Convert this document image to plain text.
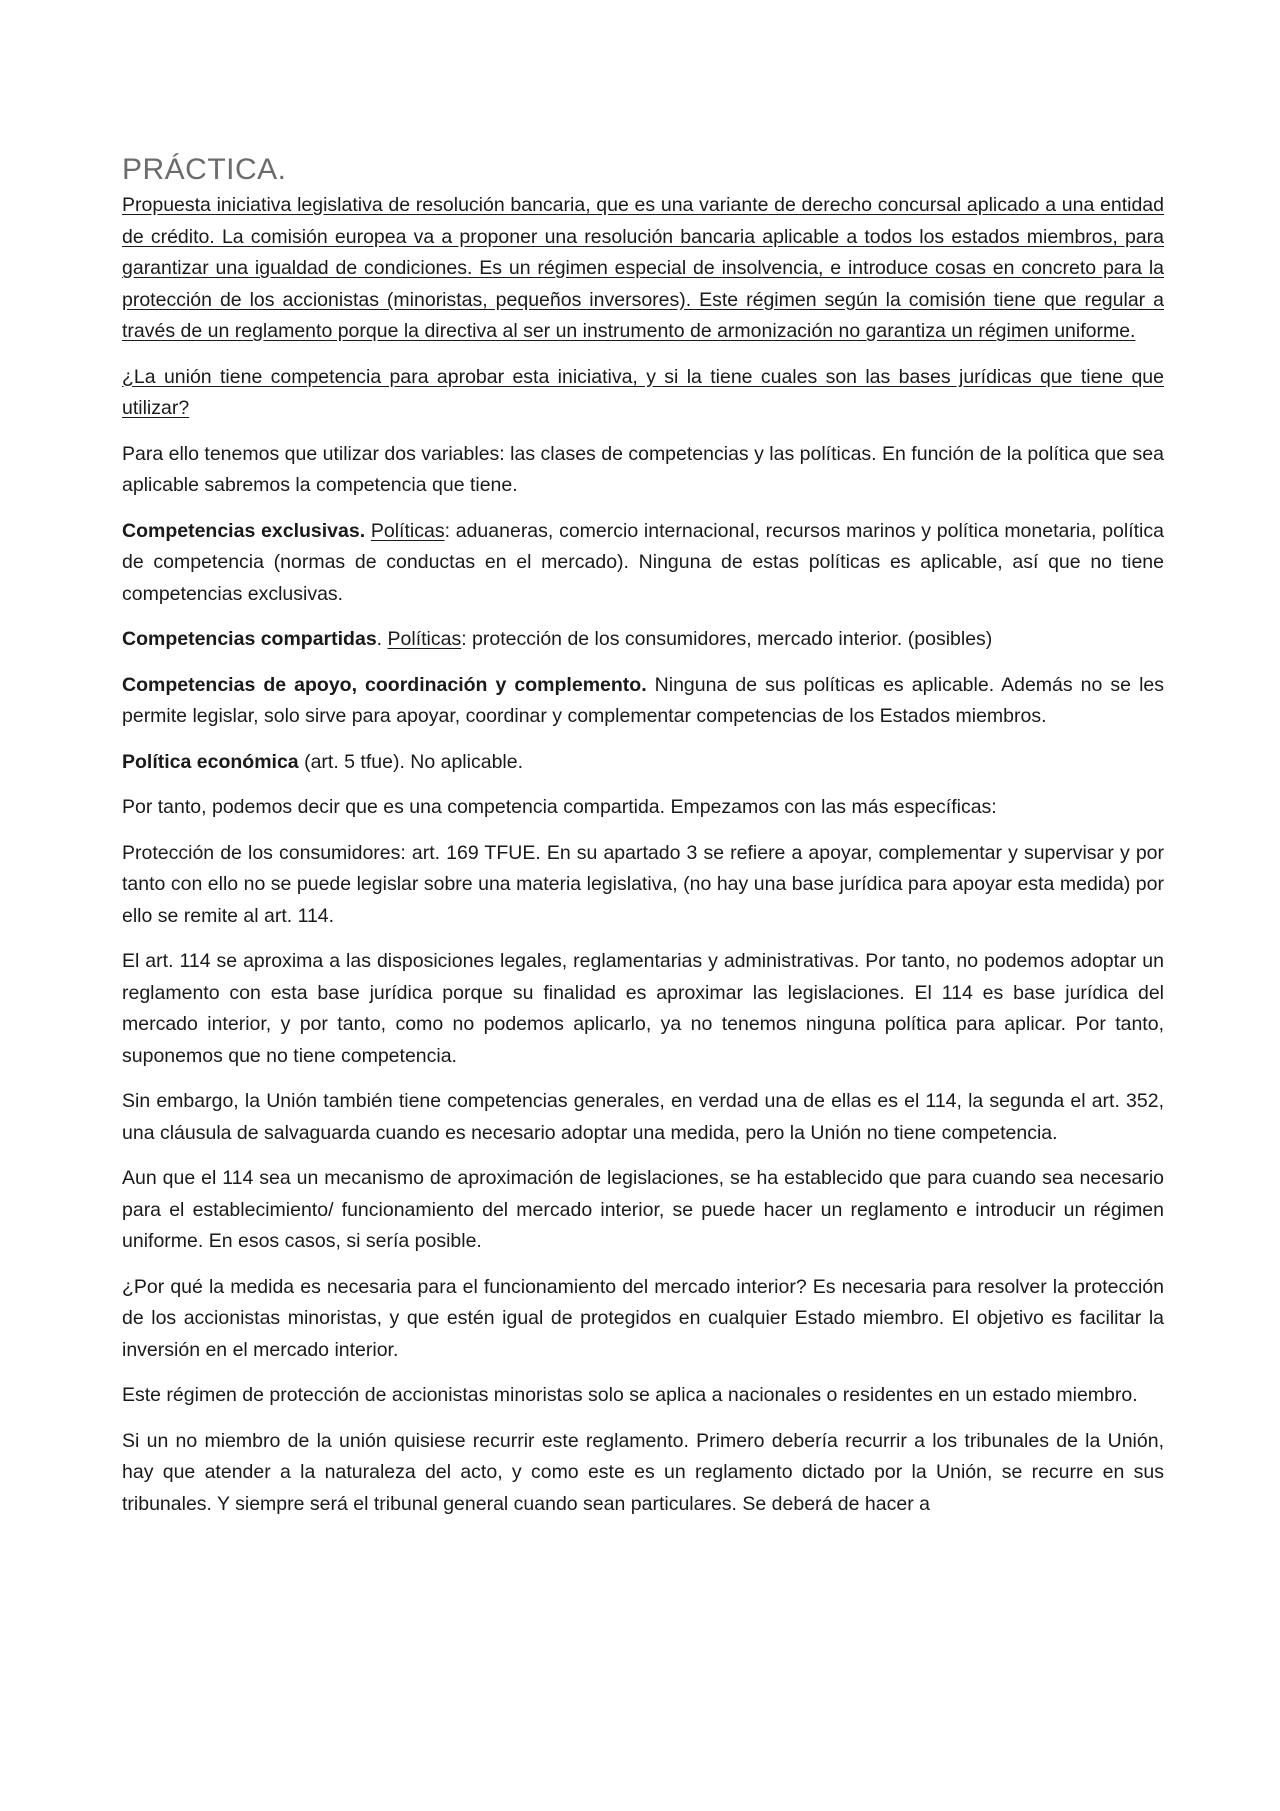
PRÁCTICA.

Propuesta iniciativa legislativa de resolución bancaria, que es una variante de derecho concursal aplicado a una entidad de crédito. La comisión europea va a proponer una resolución bancaria aplicable a todos los estados miembros, para garantizar una igualdad de condiciones. Es un régimen especial de insolvencia, e introduce cosas en concreto para la protección de los accionistas (minoristas, pequeños inversores). Este régimen según la comisión tiene que regular a través de un reglamento porque la directiva al ser un instrumento de armonización no garantiza un régimen uniforme.

¿La unión tiene competencia para aprobar esta iniciativa, y si la tiene cuales son las bases jurídicas que tiene que utilizar?

Para ello tenemos que utilizar dos variables: las clases de competencias y las políticas. En función de la política que sea aplicable sabremos la competencia que tiene.

Competencias exclusivas. Políticas: aduaneras, comercio internacional, recursos marinos y política monetaria, política de competencia (normas de conductas en el mercado). Ninguna de estas políticas es aplicable, así que no tiene competencias exclusivas.

Competencias compartidas. Políticas: protección de los consumidores, mercado interior. (posibles)

Competencias de apoyo, coordinación y complemento. Ninguna de sus políticas es aplicable. Además no se les permite legislar, solo sirve para apoyar, coordinar y complementar competencias de los Estados miembros.

Política económica (art. 5 tfue). No aplicable.

Por tanto, podemos decir que es una competencia compartida. Empezamos con las más específicas:

Protección de los consumidores: art. 169 TFUE. En su apartado 3 se refiere a apoyar, complementar y supervisar y por tanto con ello no se puede legislar sobre una materia legislativa, (no hay una base jurídica para apoyar esta medida) por ello se remite al art. 114.

El art. 114 se aproxima a las disposiciones legales, reglamentarias y administrativas. Por tanto, no podemos adoptar un reglamento con esta base jurídica porque su finalidad es aproximar las legislaciones. El 114 es base jurídica del mercado interior, y por tanto, como no podemos aplicarlo, ya no tenemos ninguna política para aplicar. Por tanto, suponemos que no tiene competencia.

Sin embargo, la Unión también tiene competencias generales, en verdad una de ellas es el 114, la segunda el art. 352, una cláusula de salvaguarda cuando es necesario adoptar una medida, pero la Unión no tiene competencia.

Aun que el 114 sea un mecanismo de aproximación de legislaciones, se ha establecido que para cuando sea necesario para el establecimiento/ funcionamiento del mercado interior, se puede hacer un reglamento e introducir un régimen uniforme. En esos casos, si sería posible.

¿Por qué la medida es necesaria para el funcionamiento del mercado interior? Es necesaria para resolver la protección de los accionistas minoristas, y que estén igual de protegidos en cualquier Estado miembro. El objetivo es facilitar la inversión en el mercado interior.

Este régimen de protección de accionistas minoristas solo se aplica a nacionales o residentes en un estado miembro.

Si un no miembro de la unión quisiese recurrir este reglamento. Primero debería recurrir a los tribunales de la Unión, hay que atender a la naturaleza del acto, y como este es un reglamento dictado por la Unión, se recurre en sus tribunales. Y siempre será el tribunal general cuando sean particulares. Se deberá de hacer a
